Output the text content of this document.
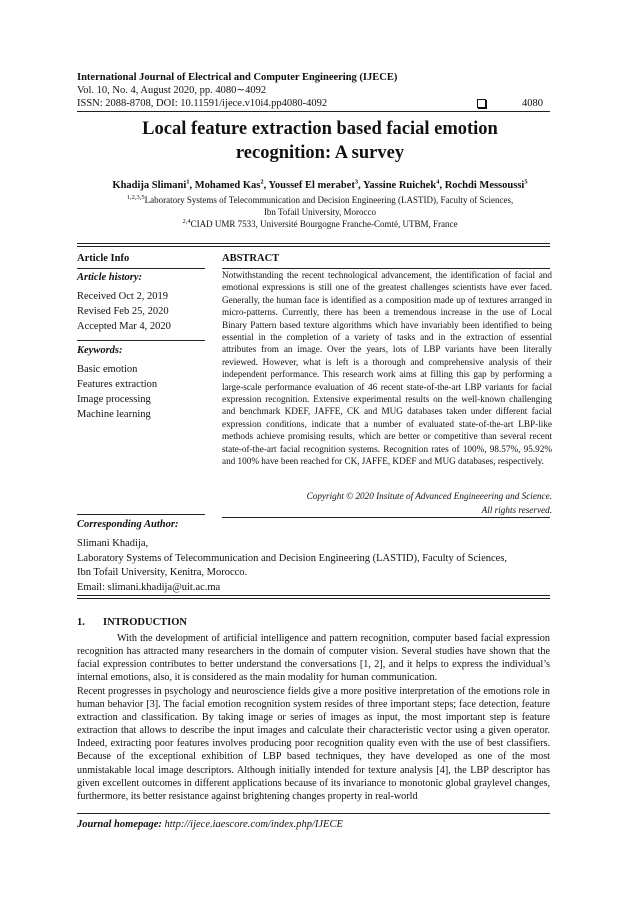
International Journal of Electrical and Computer Engineering (IJECE)
Vol. 10, No. 4, August 2020, pp. 4080∼4092
ISSN: 2088-8708, DOI: 10.11591/ijece.v10i4.pp4080-4092	4080
Local feature extraction based facial emotion
recognition: A survey
Khadija Slimani$^1$, Mohamed Kas$^2$, Youssef El merabet$^3$, Yassine Ruichek$^4$, Rochdi Messoussi$^5$
$^{1,2,3,5}$Laboratory Systems of Telecommunication and Decision Engineering (LASTID), Faculty of Sciences,
Ibn Tofail University, Morocco
$^{2,4}$CIAD UMR 7533, Université Bourgogne Franche-Comté, UTBM, France
Article Info
Article history:
Received Oct 2, 2019
Revised Feb 25, 2020
Accepted Mar 4, 2020
Keywords:
Basic emotion
Features extraction
Image processing
Machine learning
ABSTRACT

Notwithstanding the recent technological advancement, the identification of facial and emotional expressions is still one of the greatest challenges scientists have ever faced. Generally, the human face is identified as a composition made up of textures arranged in micro-patterns. Currently, there has been a tremendous increase in the use of Local Binary Pattern based texture algorithms which have invariably been identified to being essential in the completion of a variety of tasks and in the extraction of essential attributes from an image. Over the years, lots of LBP variants have been literally reviewed. However, what is left is a thorough and comprehensive analysis of their independent performance. This research work aims at filling this gap by performing a large-scale performance evaluation of 46 recent state-of-the-art LBP variants for facial expression recognition. Extensive experimental results on the well-known challenging and benchmark KDEF, JAFFE, CK and MUG databases taken under different facial expression conditions, indicate that a number of evaluated state-of-the-art LBP-like methods achieve promising results, which are better or competitive than several recent state-of-the-art facial recognition systems. Recognition rates of 100%, 98.57%, 95.92% and 100% have been reached for CK, JAFFE, KDEF and MUG databases, respectively.

Copyright © 2020 Insitute of Advanced Engineeering and Science.
All rights reserved.
Corresponding Author:
Slimani Khadija,
Laboratory Systems of Telecommunication and Decision Engineering (LASTID), Faculty of Sciences,
Ibn Tofail University, Kenitra, Morocco.
Email: slimani.khadija@uit.ac.ma
1. INTRODUCTION

With the development of artificial intelligence and pattern recognition, computer based facial expression recognition has attracted many researchers in the domain of computer vision. Several studies have shown that the facial expression contributes to better understand the conversations [1, 2], and it helps to express the individual’s internal emotions, also, it is considered as the main modality for human communication.

Recent progresses in psychology and neuroscience fields give a more positive interpretation of the emotions role in human behavior [3]. The facial emotion recognition system resides of three important steps; face detection, feature extraction and classification. By taking image or series of images as input, the most important step is feature extraction that allows to describe the input images and calculate their characteristic vector using a given operator. Indeed, extracting poor features involves producing poor recognition quality even with the use of best classifiers. Because of the exceptional exhibition of LBP based techniques, they have developed as one of the most unmistakable local image descriptors. Although initially intended for texture analysis [4], the LBP descriptor has given excellent outcomes in different applications because of its invariance to monotonic global graylevel changes, furthermore, its better resistance against brightening changes property in real-world

Journal homepage: http://ijece.iaescore.com/index.php/IJECE
